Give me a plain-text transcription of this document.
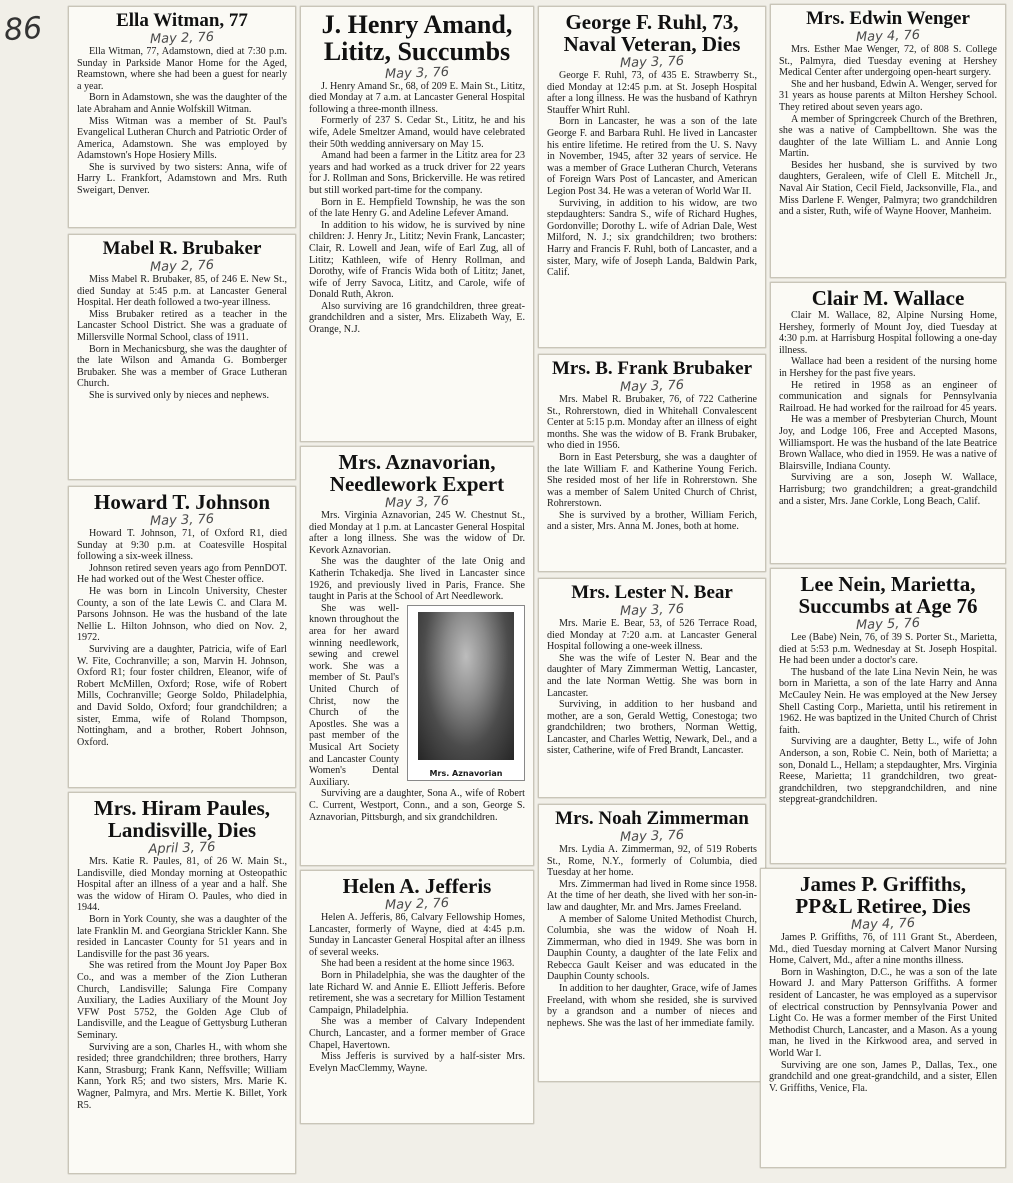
86	Ella Witman, 77
May 2, 76

Ella Witman, 77, Adamstown, died at 7:30 p.m. Sunday in Parkside Manor Home for the Aged, Reamstown, where she had been a guest for nearly a year.

Born in Adamstown, she was the daughter of the late Abraham and Annie Wolfskill Witman.

Miss Witman was a member of St. Paul's Evangelical Lutheran Church and Patriotic Order of America, Adamstown. She was employed by Adamstown's Hope Hosiery Mills.

She is survived by two sisters: Anna, wife of Harry L. Frankfort, Adamstown and Mrs. Ruth Sweigart, Denver.

Mabel R. Brubaker
May 2, 76

Miss Mabel R. Brubaker, 85, of 246 E. New St., died Sunday at 5:45 p.m. at Lancaster General Hospital. Her death followed a two-year illness.

Miss Brubaker retired as a teacher in the Lancaster School District. She was a graduate of Millersville Normal School, class of 1911.

Born in Mechanicsburg, she was the daughter of the late Wilson and Amanda G. Bomberger Brubaker. She was a member of Grace Lutheran Church.

She is survived only by nieces and nephews.

Howard T. Johnson
May 3, 76

Howard T. Johnson, 71, of Oxford R1, died Sunday at 9:30 p.m. at Coatesville Hospital following a six-week illness.

Johnson retired seven years ago from PennDOT. He had worked out of the West Chester office.

He was born in Lincoln University, Chester County, a son of the late Lewis C. and Clara M. Parsons Johnson. He was the husband of the late Nellie L. Hilton Johnson, who died on Nov. 2, 1972.

Surviving are a daughter, Patricia, wife of Earl W. Fite, Cochranville; a son, Marvin H. Johnson, Oxford R1; four foster children, Eleanor, wife of Robert McMillen, Oxford; Rose, wife of Robert Mills, Cochranville; George Soldo, Philadelphia, and David Soldo, Oxford; four grandchildren; a sister, Emma, wife of Roland Thompson, Nottingham, and a brother, Robert Johnson, Oxford.

Mrs. Hiram Paules, Landisville, Dies
April 3, 76

Mrs. Katie R. Paules, 81, of 26 W. Main St., Landisville, died Monday morning at Osteopathic Hospital after an illness of a year and a half. She was the widow of Hiram O. Paules, who died in 1944.

Born in York County, she was a daughter of the late Franklin M. and Georgiana Strickler Kann. She resided in Lancaster County for 51 years and in Landisville for the past 36 years.

She was retired from the Mount Joy Paper Box Co., and was a member of the Zion Lutheran Church, Landisville; Salunga Fire Company Auxiliary, the Ladies Auxiliary of the Mount Joy VFW Post 5752, the Golden Age Club of Landisville, and the League of Gettysburg Lutheran Seminary.

Surviving are a son, Charles H., with whom she resided; three grandchildren; three brothers, Harry Kann, Strasburg; Frank Kann, Neffsville; William Kann, York R5; and two sisters, Mrs. Marie K. Wagner, Palmyra, and Mrs. Mertie K. Billet, York R5.

J. Henry Amand, Lititz, Succumbs
May 3, 76

J. Henry Amand Sr., 68, of 209 E. Main St., Lititz, died Monday at 7 a.m. at Lancaster General Hospital following a three-month illness.

Formerly of 237 S. Cedar St., Lititz, he and his wife, Adele Smeltzer Amand, would have celebrated their 50th wedding anniversary on May 15.

Amand had been a farmer in the Lititz area for 23 years and had worked as a truck driver for 22 years for J. Rollman and Sons, Brickerville. He was retired but still worked part-time for the company.

Born in E. Hempfield Township, he was the son of the late Henry G. and Adeline Lefever Amand.

In addition to his widow, he is survived by nine children: J. Henry Jr., Lititz; Nevin Frank, Lancaster; Clair, R. Lowell and Jean, wife of Earl Zug, all of Lititz; Kathleen, wife of Henry Rollman, and Dorothy, wife of Francis Wida both of Lititz; Janet, wife of Jerry Savoca, Lititz, and Carole, wife of Donald Ruth, Akron.

Also surviving are 16 grandchildren, three great-grandchildren and a sister, Mrs. Elizabeth Way, E. Orange, N.J.

Mrs. Aznavorian, Needlework Expert
May 3, 76

Mrs. Virginia Aznavorian, 245 W. Chestnut St., died Monday at 1 p.m. at Lancaster General Hospital after a long illness. She was the widow of Dr. Kevork Aznavorian.

She was the daughter of the late Onig and Katherin Tchakedja. She lived in Lancaster since 1926, and previously lived in Paris, France. She taught in Paris at the School of Art Needlework.

Mrs. Aznavorian

She was well-known throughout the area for her award winning needlework, sewing and crewel work. She was a member of St. Paul's United Church of Christ, now the Church of the Apostles. She was a past member of the Musical Art Society and Lancaster County Women's Dental Auxiliary.

Surviving are a daughter, Sona A., wife of Robert C. Current, Westport, Conn., and a son, George S. Aznavorian, Pittsburgh, and six grandchildren.

Helen A. Jefferis
May 2, 76

Helen A. Jefferis, 86, Calvary Fellowship Homes, Lancaster, formerly of Wayne, died at 4:45 p.m. Sunday in Lancaster General Hospital after an illness of several weeks.

She had been a resident at the home since 1963.

Born in Philadelphia, she was the daughter of the late Richard W. and Annie E. Elliott Jefferis. Before retirement, she was a secretary for Million Testament Campaign, Philadelphia.

She was a member of Calvary Independent Church, Lancaster, and a former member of Grace Chapel, Havertown.

Miss Jefferis is survived by a half-sister Mrs. Evelyn MacClemmy, Wayne.

George F. Ruhl, 73, Naval Veteran, Dies
May 3, 76

George F. Ruhl, 73, of 435 E. Strawberry St., died Monday at 12:45 p.m. at St. Joseph Hospital after a long illness. He was the husband of Kathryn Stauffer Whirt Ruhl.

Born in Lancaster, he was a son of the late George F. and Barbara Ruhl. He lived in Lancaster his entire lifetime. He retired from the U. S. Navy in November, 1945, after 32 years of service. He was a member of Grace Lutheran Church, Veterans of Foreign Wars Post of Lancaster, and American Legion Post 34. He was a veteran of World War II.

Surviving, in addition to his widow, are two stepdaughters: Sandra S., wife of Richard Hughes, Gordonville; Dorothy L. wife of Adrian Dale, West Milford, N. J.; six grandchildren; two brothers: Harry and Francis F. Ruhl, both of Lancaster, and a sister, Mary, wife of Joseph Landa, Baldwin Park, Calif.

Mrs. B. Frank Brubaker
May 3, 76

Mrs. Mabel R. Brubaker, 76, of 722 Catherine St., Rohrerstown, died in Whitehall Convalescent Center at 5:15 p.m. Monday after an illness of eight months. She was the widow of B. Frank Brubaker, who died in 1956.

Born in East Petersburg, she was a daughter of the late William F. and Katherine Young Ferich. She resided most of her life in Rohrerstown. She was a member of Salem United Church of Christ, Rohrerstown.

She is survived by a brother, William Ferich, and a sister, Mrs. Anna M. Jones, both at home.

Mrs. Lester N. Bear
May 3, 76

Mrs. Marie E. Bear, 53, of 526 Terrace Road, died Monday at 7:20 a.m. at Lancaster General Hospital following a one-week illness.

She was the wife of Lester N. Bear and the daughter of Mary Zimmerman Wettig, Lancaster, and the late Norman Wettig. She was born in Lancaster.

Surviving, in addition to her husband and mother, are a son, Gerald Wettig, Conestoga; two grandchildren; two brothers, Norman Wettig, Lancaster, and Charles Wettig, Newark, Del., and a sister, Catherine, wife of Fred Brandt, Lancaster.

Mrs. Noah Zimmerman
May 3, 76

Mrs. Lydia A. Zimmerman, 92, of 519 Roberts St., Rome, N.Y., formerly of Columbia, died Tuesday at her home.

Mrs. Zimmerman had lived in Rome since 1958. At the time of her death, she lived with her son-in-law and daughter, Mr. and Mrs. James Freeland.

A member of Salome United Methodist Church, Columbia, she was the widow of Noah H. Zimmerman, who died in 1949. She was born in Dauphin County, a daughter of the late Felix and Rebecca Gault Keiser and was educated in the Dauphin County schools.

In addition to her daughter, Grace, wife of James Freeland, with whom she resided, she is survived by a grandson and a number of nieces and nephews. She was the last of her immediate family.

Mrs. Edwin Wenger
May 4, 76

Mrs. Esther Mae Wenger, 72, of 808 S. College St., Palmyra, died Tuesday evening at Hershey Medical Center after undergoing open-heart surgery.

She and her husband, Edwin A. Wenger, served for 31 years as house parents at Milton Hershey School. They retired about seven years ago.

A member of Springcreek Church of the Brethren, she was a native of Campbelltown. She was the daughter of the late William L. and Annie Long Martin.

Besides her husband, she is survived by two daughters, Geraleen, wife of Clell E. Mitchell Jr., Naval Air Station, Cecil Field, Jacksonville, Fla., and Miss Darlene F. Wenger, Palmyra; two grandchildren and a sister, Ruth, wife of Wayne Hoover, Manheim.

Clair M. Wallace

Clair M. Wallace, 82, Alpine Nursing Home, Hershey, formerly of Mount Joy, died Tuesday at 4:30 p.m. at Harrisburg Hospital following a one-day illness.

Wallace had been a resident of the nursing home in Hershey for the past five years.

He retired in 1958 as an engineer of communication and signals for Pennsylvania Railroad. He had worked for the railroad for 45 years.

He was a member of Presbyterian Church, Mount Joy, and Lodge 106, Free and Accepted Masons, Williamsport. He was the husband of the late Beatrice Brown Wallace, who died in 1959. He was a native of Blairsville, Indiana County.

Surviving are a son, Joseph W. Wallace, Harrisburg; two grandchildren; a great-grandchild and a sister, Mrs. Jane Corkle, Long Beach, Calif.

Lee Nein, Marietta, Succumbs at Age 76
May 5, 76

Lee (Babe) Nein, 76, of 39 S. Porter St., Marietta, died at 5:53 p.m. Wednesday at St. Joseph Hospital. He had been under a doctor's care.

The husband of the late Lina Nevin Nein, he was born in Marietta, a son of the late Harry and Anna McCauley Nein. He was employed at the New Jersey Shell Casting Corp., Marietta, until his retirement in 1962. He was baptized in the United Church of Christ faith.

Surviving are a daughter, Betty L., wife of John Anderson, a son, Robie C. Nein, both of Marietta; a son, Donald L., Hellam; a stepdaughter, Mrs. Virginia Reese, Marietta; 11 grandchildren, two great-grandchildren, two stepgrandchildren, and nine stepgreat-grandchildren.

James P. Griffiths, PP&L Retiree, Dies
May 4, 76

James P. Griffiths, 76, of 111 Grant St., Aberdeen, Md., died Tuesday morning at Calvert Manor Nursing Home, Calvert, Md., after a nine months illness.

Born in Washington, D.C., he was a son of the late Howard J. and Mary Patterson Griffiths. A former resident of Lancaster, he was employed as a supervisor of electrical construction by Pennsylvania Power and Light Co. He was a former member of the First United Methodist Church, Lancaster, and a Mason. As a young man, he lived in the Kirkwood area, and served in World War I.

Surviving are one son, James P., Dallas, Tex., one grandchild and one great-grandchild, and a sister, Ellen V. Griffiths, Venice, Fla.
